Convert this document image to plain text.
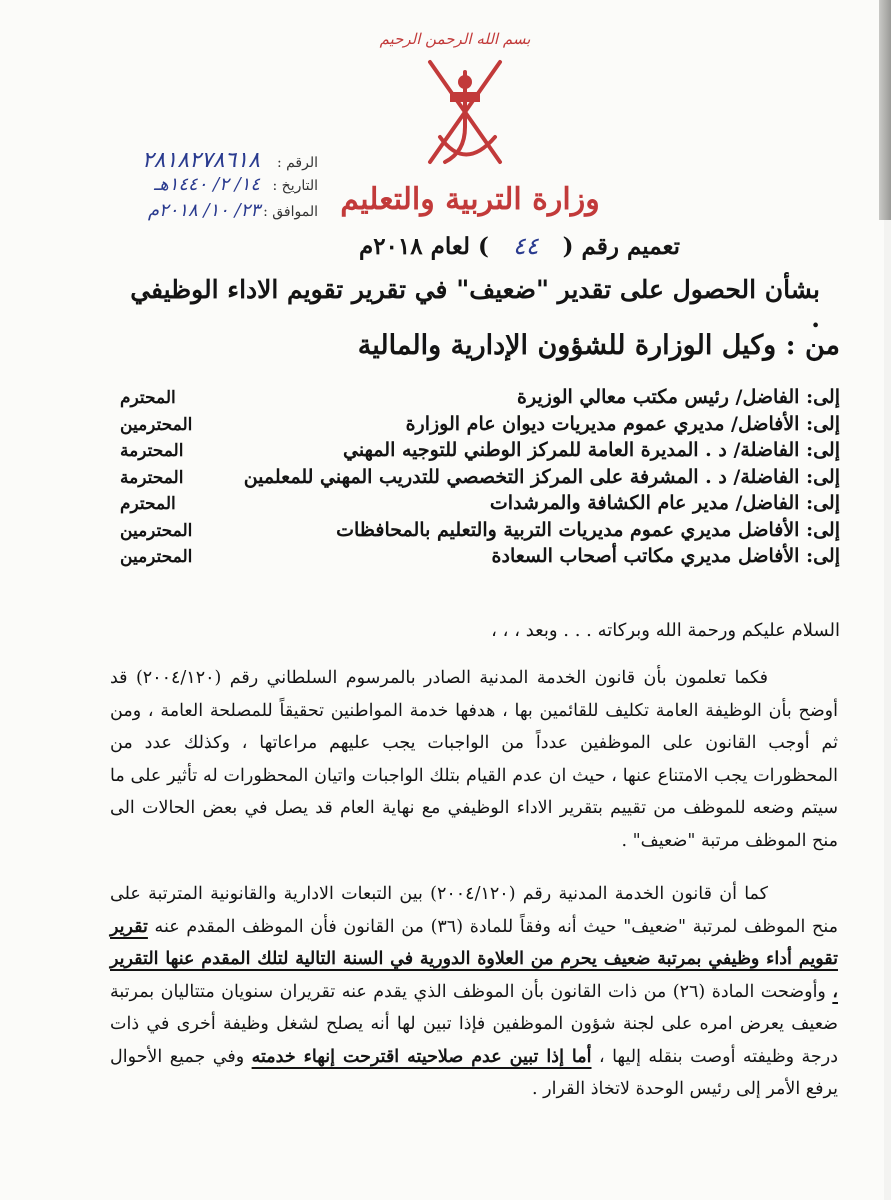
بسم الله الرحمن الرحيم
وزارة التربية والتعليم
الرقم :
٢٨١٨٢٧٨٦١٨
التاريخ :
١٤/ ٢/ ١٤٤٠هـ
الموافق :
٢٣/ ١٠/ ٢٠١٨م
تعميم رقم (
٤٤
) لعام ٢٠١٨م
بشأن الحصول على تقدير "ضعيف" في تقرير تقويم الاداء الوظيفي .
من : وكيل الوزارة للشؤون الإدارية والمالية
إلى: الفاضل/ رئيس مكتب معالي الوزيرة
المحترم
إلى: الأفاضل/ مديري عموم مديريات ديوان عام الوزارة
المحترمين
إلى: الفاضلة/ د . المديرة العامة للمركز الوطني للتوجيه المهني
المحترمة
إلى: الفاضلة/ د . المشرفة على المركز التخصصي للتدريب المهني للمعلمين
المحترمة
إلى: الفاضل/ مدير عام الكشافة والمرشدات
المحترم
إلى: الأفاضل مديري عموم مديريات التربية والتعليم بالمحافظات
المحترمين
إلى: الأفاضل مديري مكاتب أصحاب السعادة
المحترمين
السلام عليكم ورحمة الله وبركاته . . . وبعد ، ، ،
فكما تعلمون بأن قانون الخدمة المدنية الصادر بالمرسوم السلطاني رقم (٢٠٠٤/١٢٠) قد أوضح بأن الوظيفة العامة تكليف للقائمين بها ، هدفها خدمة المواطنين تحقيقاً للمصلحة العامة ، ومن ثم أوجب القانون على الموظفين عدداً من الواجبات يجب عليهم مراعاتها ، وكذلك عدد من المحظورات يجب الامتناع عنها ، حيث ان عدم القيام بتلك الواجبات واتيان المحظورات له تأثير على ما سيتم وضعه للموظف من تقييم بتقرير الاداء الوظيفي مع نهاية العام قد يصل في بعض الحالات الى منح الموظف مرتبة "ضعيف" .
كما أن قانون الخدمة المدنية رقم (٢٠٠٤/١٢٠) بين التبعات الادارية والقانونية المترتبة على منح الموظف لمرتبة "ضعيف" حيث أنه وفقاً للمادة (٣٦) من القانون فأن الموظف المقدم عنه تقرير تقويم أداء وظيفي بمرتبة ضعيف يحرم من العلاوة الدورية في السنة التالية لتلك المقدم عنها التقرير ، وأوضحت المادة (٢٦) من ذات القانون بأن الموظف الذي يقدم عنه تقريران سنويان متتاليان بمرتبة ضعيف يعرض امره على لجنة شؤون الموظفين فإذا تبين لها أنه يصلح لشغل وظيفة أخرى في ذات درجة وظيفته أوصت بنقله إليها ، أما إذا تبين عدم صلاحيته اقترحت إنهاء خدمته وفي جميع الأحوال يرفع الأمر إلى رئيس الوحدة لاتخاذ القرار .
